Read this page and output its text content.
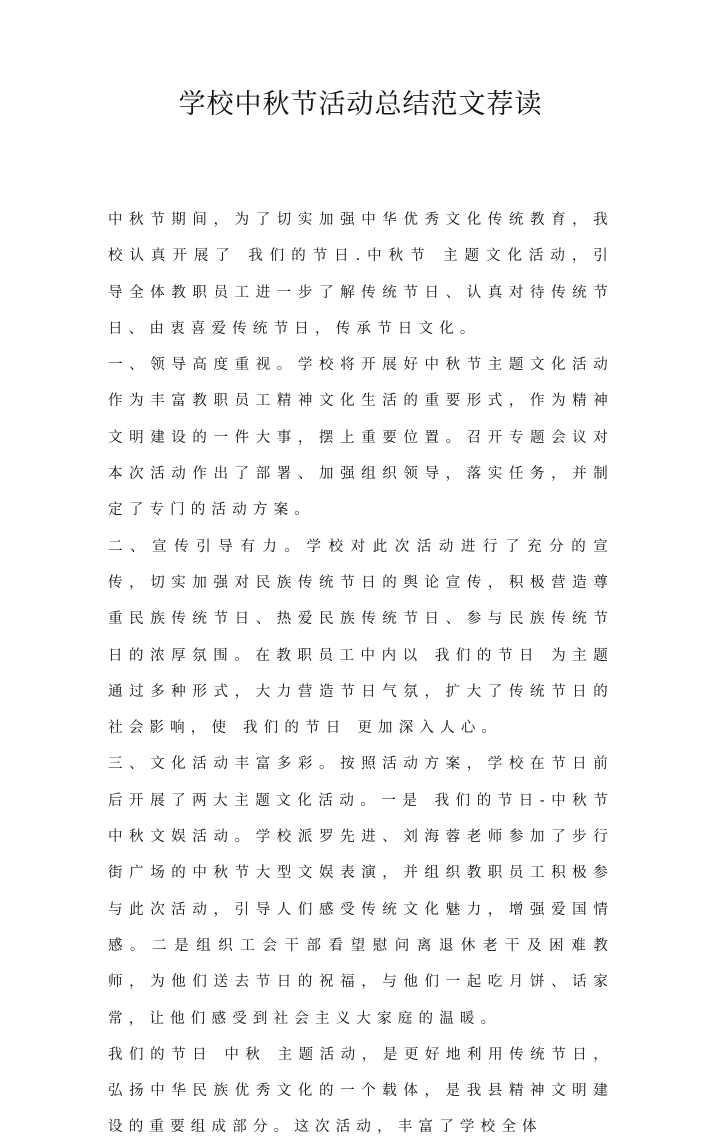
学校中秋节活动总结范文荐读

中秋节期间，为了切实加强中华优秀文化传统教育，我校认真开展了 我们的节日.中秋节 主题文化活动，引导全体教职员工进一步了解传统节日、认真对待传统节日、由衷喜爱传统节日，传承节日文化。

一、领导高度重视。学校将开展好中秋节主题文化活动作为丰富教职员工精神文化生活的重要形式，作为精神文明建设的一件大事，摆上重要位置。召开专题会议对本次活动作出了部署、加强组织领导，落实任务，并制定了专门的活动方案。

二、宣传引导有力。学校对此次活动进行了充分的宣传，切实加强对民族传统节日的舆论宣传，积极营造尊重民族传统节日、热爱民族传统节日、参与民族传统节日的浓厚氛围。在教职员工中内以 我们的节日 为主题通过多种形式，大力营造节日气氛，扩大了传统节日的社会影响，使 我们的节日 更加深入人心。

三、文化活动丰富多彩。按照活动方案，学校在节日前后开展了两大主题文化活动。一是 我们的节日-中秋节 中秋文娱活动。学校派罗先进、刘海蓉老师参加了步行街广场的中秋节大型文娱表演，并组织教职员工积极参与此次活动，引导人们感受传统文化魅力，增强爱国情感。二是组织工会干部看望慰问离退休老干及困难教师，为他们送去节日的祝福，与他们一起吃月饼、话家常，让他们感受到社会主义大家庭的温暖。

我们的节日 中秋 主题活动，是更好地利用传统节日，弘扬中华民族优秀文化的一个载体，是我县精神文明建设的重要组成部分。这次活动，丰富了学校全体
